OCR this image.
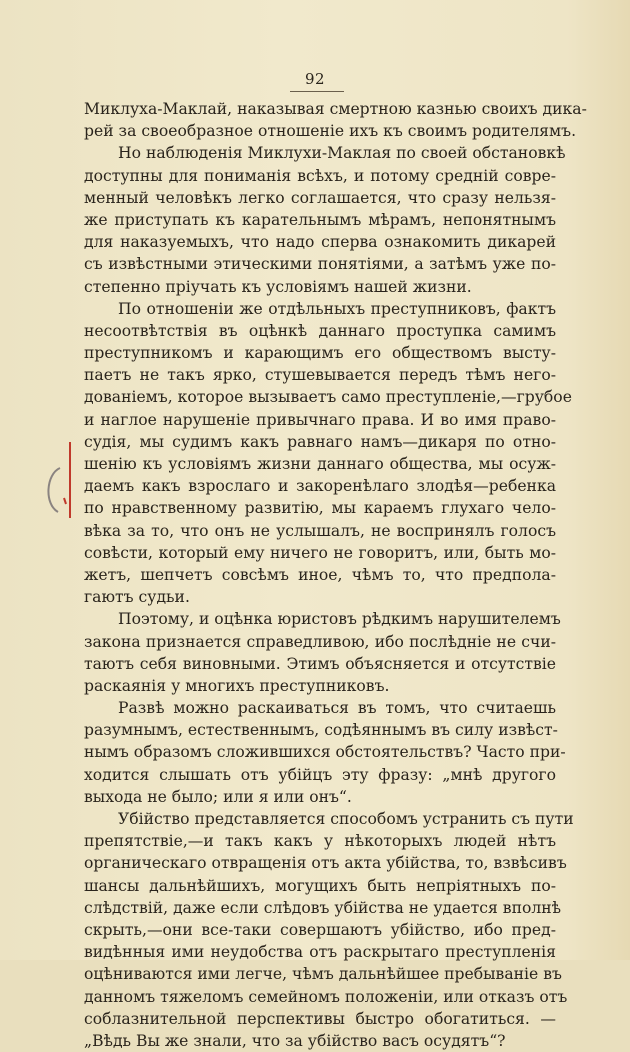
92
Миклуха-Маклай, наказывая смертною казнью своихъ дика-
рей за своеобразное отношеніе ихъ къ своимъ родителямъ.
Но наблюденія Миклухи-Маклая по своей обстановкѣ
доступны для пониманія всѣхъ, и потому средній совре-
менный человѣкъ легко соглашается, что сразу нельзя-
же приступать къ карательнымъ мѣрамъ, непонятнымъ
для наказуемыхъ, что надо сперва ознакомить дикарей
съ извѣстными этическими понятіями, а затѣмъ уже по-
степенно пріучать къ условіямъ нашей жизни.
По отношеніи же отдѣльныхъ преступниковъ, фактъ
несоотвѣтствія въ оцѣнкѣ даннаго проступка самимъ
преступникомъ и карающимъ его обществомъ высту-
паетъ не такъ ярко, стушевывается передъ тѣмъ него-
дованіемъ, которое вызываетъ само преступленіе,—грубое
и наглое нарушеніе привычнаго права. И во имя право-
судія, мы судимъ какъ равнаго намъ—дикаря по отно-
шенію къ условіямъ жизни даннаго общества, мы осуж-
даемъ какъ взрослаго и закоренѣлаго злодѣя—ребенка
по нравственному развитію, мы караемъ глухаго чело-
вѣка за то, что онъ не услышалъ, не воспринялъ голосъ
совѣсти, который ему ничего не говоритъ, или, быть мо-
жетъ, шепчетъ совсѣмъ иное, чѣмъ то, что предпола-
гаютъ судьи.
Поэтому, и оцѣнка юристовъ рѣдкимъ нарушителемъ
закона признается справедливою, ибо послѣдніе не счи-
таютъ себя виновными. Этимъ объясняется и отсутствіе
раскаянія у многихъ преступниковъ.
Развѣ можно раскаиваться въ томъ, что считаешь
разумнымъ, естественнымъ, содѣяннымъ въ силу извѣст-
нымъ образомъ сложившихся обстоятельствъ? Часто при-
ходится слышать отъ убійцъ эту фразу: „мнѣ другого
выхода не было; или я или онъ“.
Убійство представляется способомъ устранить съ пути
препятствіе,—и такъ какъ у нѣкоторыхъ людей нѣтъ
органическаго отвращенія отъ акта убійства, то, взвѣсивъ
шансы дальнѣйшихъ, могущихъ быть непріятныхъ по-
слѣдствій, даже если слѣдовъ убійства не удается вполнѣ
скрыть,—они все-таки совершаютъ убійство, ибо пред-
видѣнныя ими неудобства отъ раскрытаго преступленія
оцѣниваются ими легче, чѣмъ дальнѣйшее пребываніе въ
данномъ тяжеломъ семейномъ положеніи, или отказъ отъ
соблазнительной перспективы быстро обогатиться. —
„Вѣдь Вы же знали, что за убійство васъ осудятъ“?
